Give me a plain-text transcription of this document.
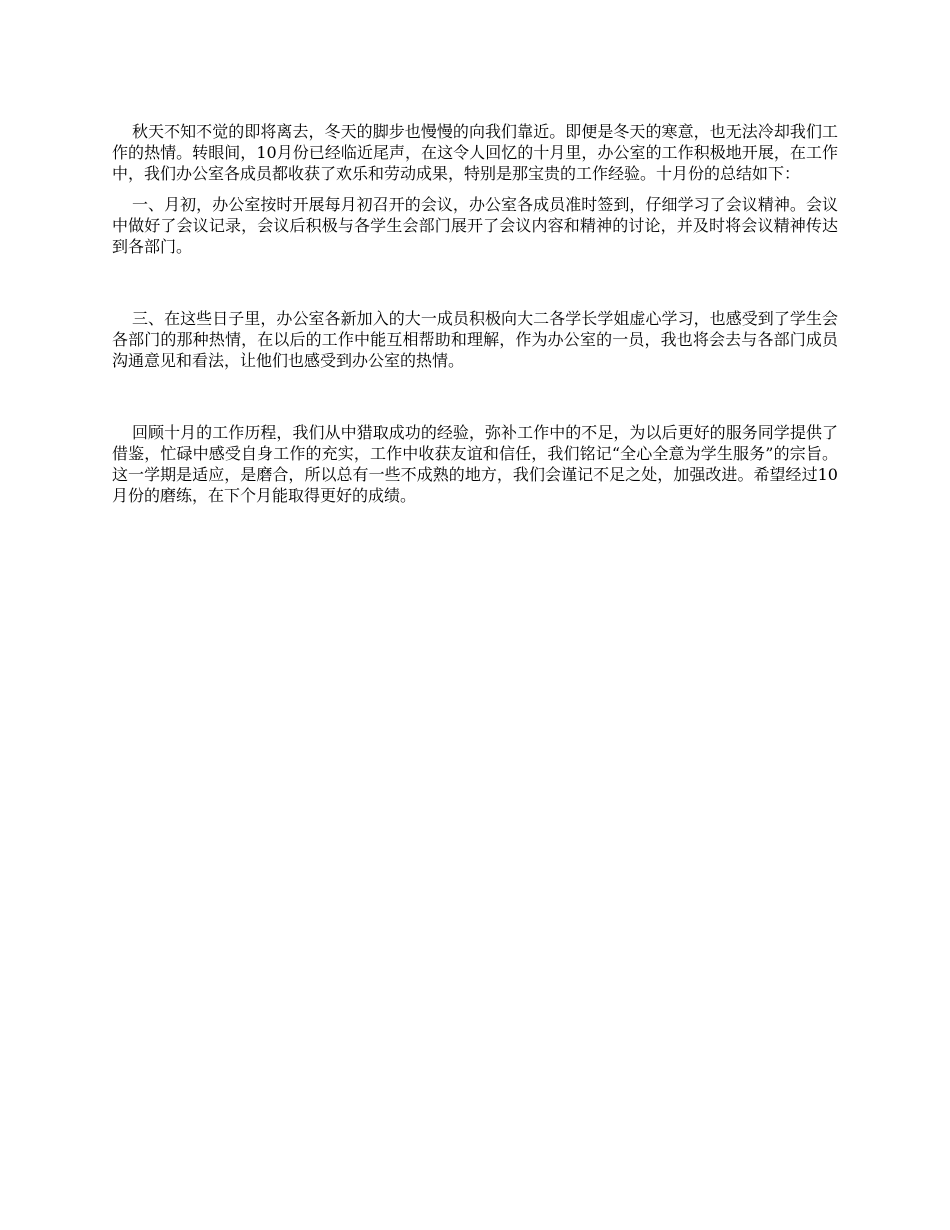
秋天不知不觉的即将离去，冬天的脚步也慢慢的向我们靠近。即便是冬天的寒意，也无法冷却我们工作的热情。转眼间，10月份已经临近尾声，在这令人回忆的十月里，办公室的工作积极地开展，在工作中，我们办公室各成员都收获了欢乐和劳动成果，特别是那宝贵的工作经验。十月份的总结如下：

一、月初，办公室按时开展每月初召开的会议，办公室各成员准时签到，仔细学习了会议精神。会议中做好了会议记录，会议后积极与各学生会部门展开了会议内容和精神的讨论，并及时将会议精神传达到各部门。

三、在这些日子里，办公室各新加入的大一成员积极向大二各学长学姐虚心学习，也感受到了学生会各部门的那种热情，在以后的工作中能互相帮助和理解，作为办公室的一员，我也将会去与各部门成员沟通意见和看法，让他们也感受到办公室的热情。

回顾十月的工作历程，我们从中猎取成功的经验，弥补工作中的不足，为以后更好的服务同学提供了借鉴，忙碌中感受自身工作的充实，工作中收获友谊和信任，我们铭记“全心全意为学生服务”的宗旨。这一学期是适应，是磨合，所以总有一些不成熟的地方，我们会谨记不足之处，加强改进。希望经过10月份的磨练，在下个月能取得更好的成绩。
